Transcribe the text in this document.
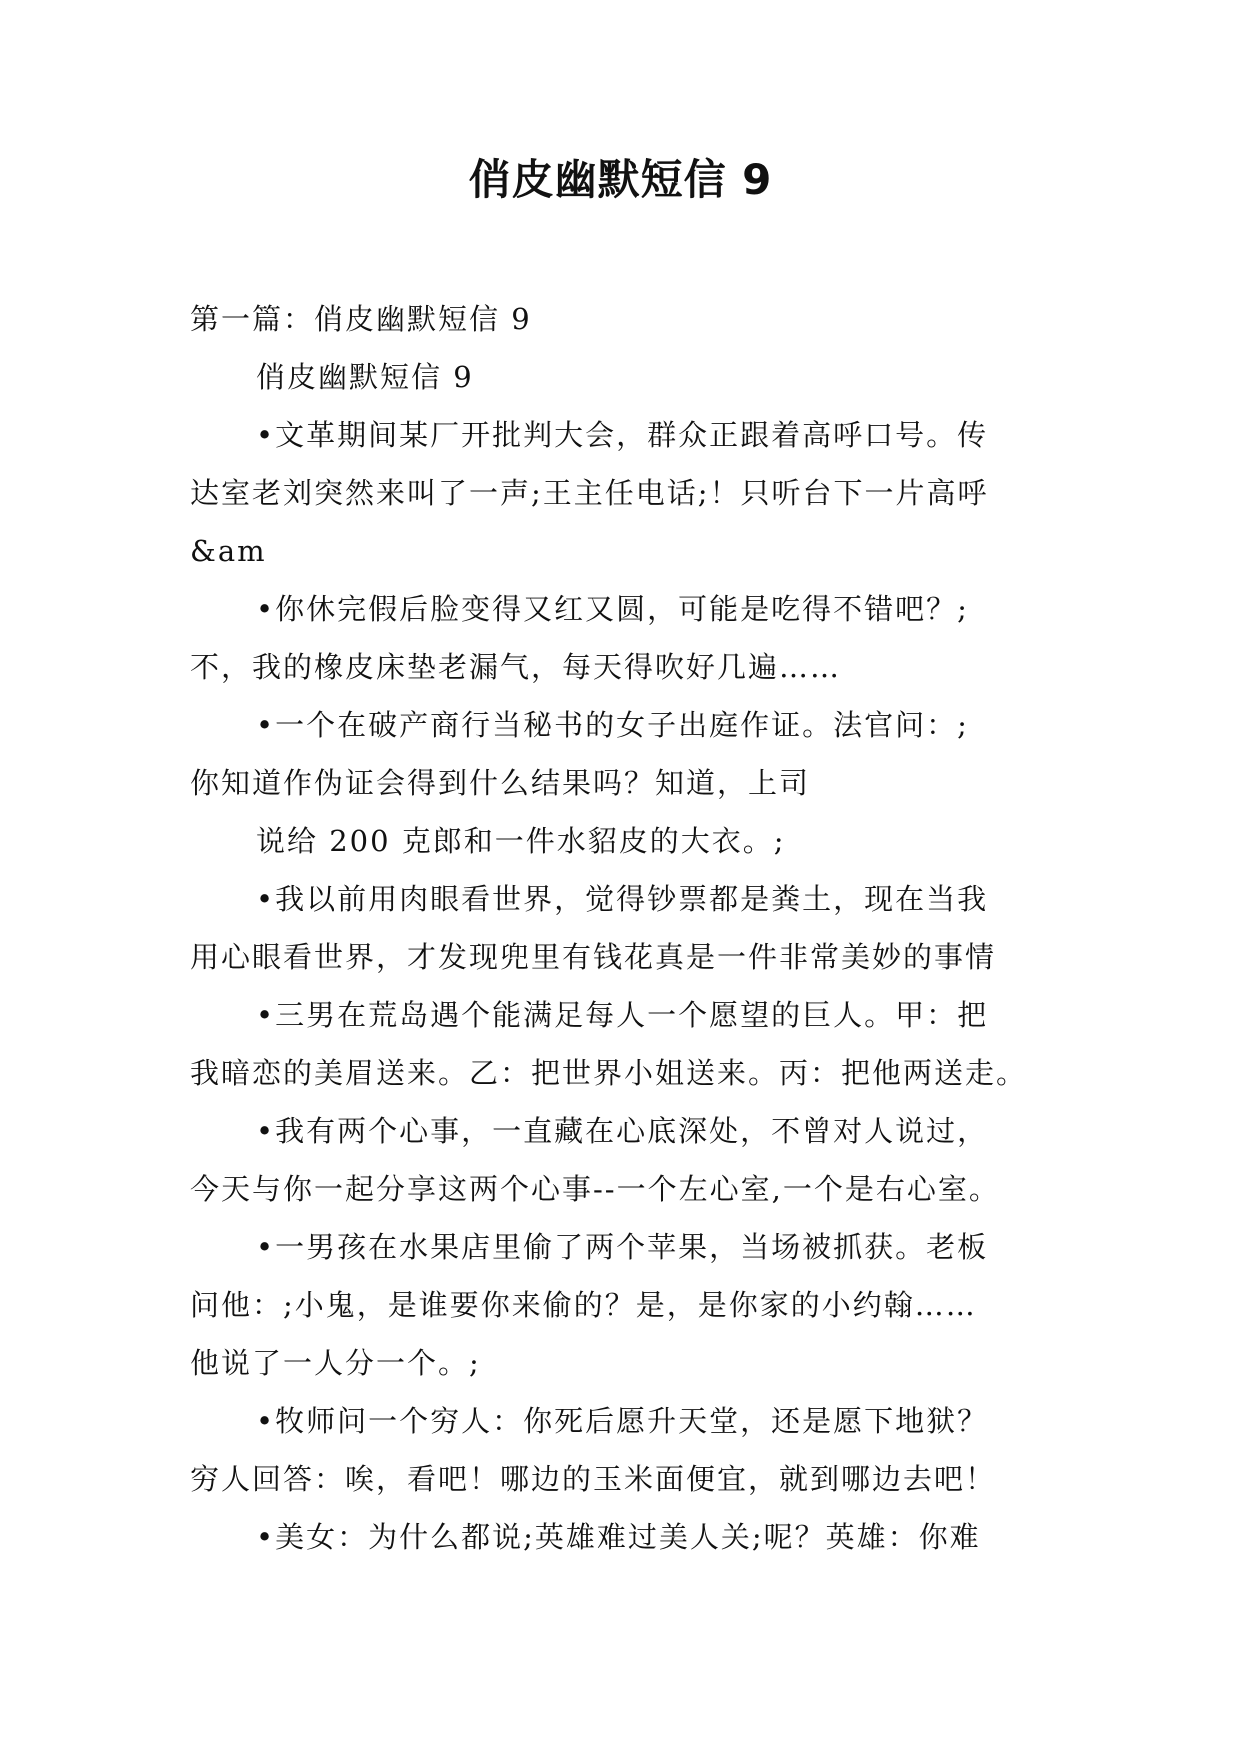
俏皮幽默短信 9
第一篇：俏皮幽默短信 9
俏皮幽默短信 9
•文革期间某厂开批判大会，群众正跟着高呼口号。传
达室老刘突然来叫了一声;王主任电话;！只听台下一片高呼
&am
•你休完假后脸变得又红又圆，可能是吃得不错吧？;
不，我的橡皮床垫老漏气，每天得吹好几遍……
•一个在破产商行当秘书的女子出庭作证。法官问：;
你知道作伪证会得到什么结果吗？知道，上司
说给 200 克郎和一件水貂皮的大衣。;
•我以前用肉眼看世界，觉得钞票都是粪土，现在当我
用心眼看世界，才发现兜里有钱花真是一件非常美妙的事情
•三男在荒岛遇个能满足每人一个愿望的巨人。甲：把
我暗恋的美眉送来。乙：把世界小姐送来。丙：把他两送走。
•我有两个心事，一直藏在心底深处，不曾对人说过，
今天与你一起分享这两个心事--一个左心室,一个是右心室。
•一男孩在水果店里偷了两个苹果，当场被抓获。老板
问他：;小鬼，是谁要你来偷的？是，是你家的小约翰……
他说了一人分一个。;
•牧师问一个穷人：你死后愿升天堂，还是愿下地狱？
穷人回答：唉，看吧！哪边的玉米面便宜，就到哪边去吧！
•美女：为什么都说;英雄难过美人关;呢？英雄：你难
